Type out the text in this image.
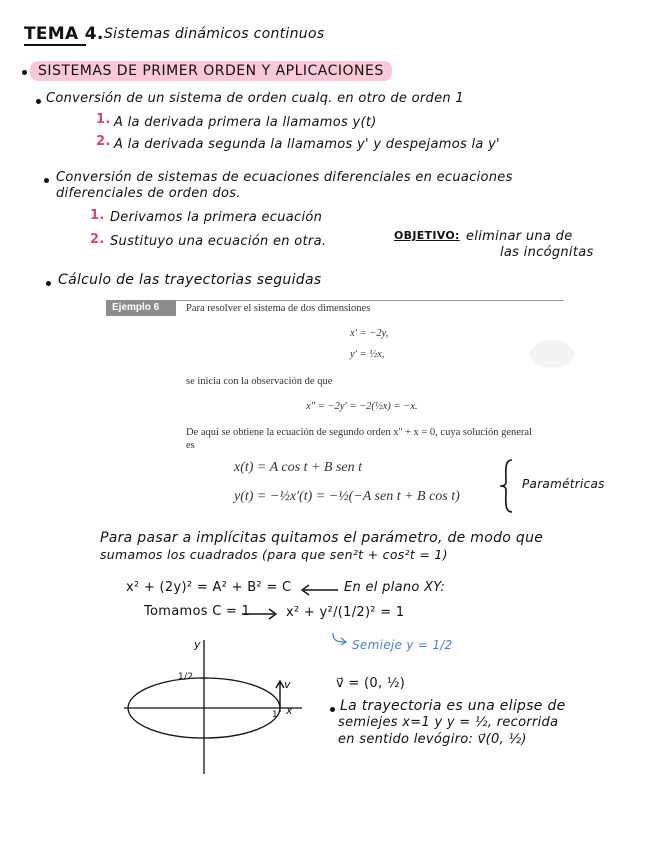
TEMA 4. Sistemas dinámicos continuos
SISTEMAS DE PRIMER ORDEN Y APLICACIONES
Conversión de un sistema de orden cualq. en otro de orden 1
1. A la derivada primera la llamamos y(t)
2. A la derivada segunda la llamamos y' y despejamos la y'
Conversión de sistemas de ecuaciones diferenciales en ecuaciones
diferenciales de orden dos.
1. Derivamos la primera ecuación
2. Sustituyo una ecuación en otra.	OBJETIVO: eliminar una de
las incógnitas
Cálculo de las trayectorias seguidas
Ejemplo 6	Para resolver el sistema de dos dimensiones
x' = −2y,
y' = ½x,
se inicia con la observación de que
x'' = −2y' = −2(½x) = −x.
De aquí se obtiene la ecuación de segundo orden x'' + x = 0, cuya solución general
es
x(t) = A cos t + B sen t
y(t) = −½x'(t) = −½(−A sen t + B cos t)
Paramétricas
Para pasar a implícitas quitamos el parámetro, de modo que
sumamos los cuadrados (para que sen²t + cos²t = 1)
x² + (2y)² = A² + B² = C	En el plano XY:
Tomamos C = 1	x² + y²/(1/2)² = 1
Semieje y = 1/2
y
x
1/2
1
v	v⃗ = (0, ½)
La trayectoria es una elipse de
semiejes x=1 y y = ½, recorrida
en sentido levógiro: v⃗(0, ½)
